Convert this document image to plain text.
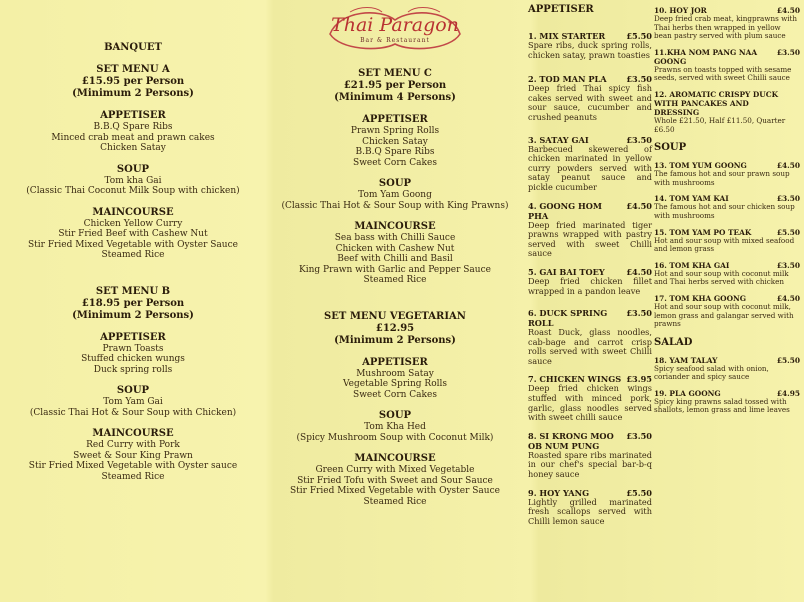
BANQUET
SET MENU A
£15.95 per Person
(Minimum 2 Persons)
APPETISER
B.B.Q Spare Ribs
Minced crab meat and prawn cakes
Chicken Satay
SOUP
Tom kha Gai
(Classic Thai Coconut Milk Soup with chicken)
MAINCOURSE
Chicken Yellow Curry
Stir Fried Beef with Cashew Nut
Stir Fried Mixed Vegetable with Oyster Sauce
Steamed Rice
SET MENU B
£18.95 per Person
(Minimum 2 Persons)
APPETISER
Prawn Toasts
Stuffed chicken wungs
Duck spring rolls
SOUP
Tom Yam Gai
(Classic Thai Hot & Sour Soup with Chicken)
MAINCOURSE
Red Curry with Pork
Sweet & Sour King Prawn
Stir Fried Mixed Vegetable with Oyster sauce
Steamed Rice
Thai Paragon
Bar & Restaurant
SET MENU C
£21.95 per Person
(Minimum 4 Persons)
APPETISER
Prawn Spring Rolls
Chicken Satay
B.B.Q Spare Ribs
Sweet Corn Cakes
SOUP
Tom Yam Goong
(Classic Thai Hot & Sour Soup with King Prawns)
MAINCOURSE
Sea bass with Chilli Sauce
Chicken with Cashew Nut
Beef with Chilli and Basil
King Prawn with Garlic and Pepper Sauce
Steamed Rice
SET MENU VEGETARIAN
£12.95
(Minimum 2 Persons)
APPETISER
Mushroom Satay
Vegetable Spring Rolls
Sweet Corn Cakes
SOUP
Tom Kha Hed
(Spicy Mushroom Soup with Coconut Milk)
MAINCOURSE
Green Curry with Mixed Vegetable
Stir Fried Tofu with Sweet and Sour Sauce
Stir Fried Mixed Vegetable with Oyster Sauce
Steamed Rice
APPETISER
1. MIX STARTER	£5.50
Spare ribs, duck spring rolls, chicken satay, prawn toasties
2. TOD MAN PLA	£3.50
Deep fried Thai spicy fish cakes served with sweet and sour sauce, cucumber and crushed peanuts
3. SATAY GAI	£3.50
Barbecued skewered of chicken marinated in yellow curry powders served with satay peanut sauce and pickle cucumber
4. GOONG HOM PHA
£4.50
Deep fried marinated tiger prawns wrapped with pastry served with sweet Chilli sauce
5. GAI BAI TOEY	£4.50
Deep fried chicken fillet wrapped in a pandon leave
6. DUCK SPRING ROLL
£3.50
Roast Duck, glass noodles, cab-bage and carrot crisp rolls served with sweet Chilli sauce
7. CHICKEN WINGS £3.95
Deep fried chicken wings stuffed with minced pork, garlic, glass noodles served with sweet chilli sauce
8. SI KRONG MOO OB NUM PUNG
£3.50
Roasted spare ribs marinated in our chef's special bar-b-q honey sauce
9. HOY YANG	£5.50
Lightly grilled marinated fresh scallops served with Chilli lemon sauce
10. HOY JOR	£4.50
Deep fried crab meat, kingprawns with Thai herbs then wrapped in yellow bean pastry served with plum sauce
11.KHA NOM PANG NAA GOONG
£3.50
Prawns on toasts topped with sesame seeds, served with sweet Chilli sauce
12. AROMATIC CRISPY DUCK WITH PANCAKES AND DRESSING
Whole £21.50, Half £11.50, Quarter £6.50
SOUP
13. TOM YUM GOONG	£4.50
The famous hot and sour prawn soup with mushrooms
14. TOM YAM KAI	£3.50
The famous hot and sour chicken soup with mushrooms
15. TOM YAM PO TEAK	£5.50
Hot and sour soup with mixed seafood and lemon grass
16. TOM KHA GAI	£3.50
Hot and sour soup with coconut milk and Thai herbs served with chicken
17. TOM KHA GOONG	£4.50
Hot and sour soup with coconut milk, lemon grass and galangar served with prawns
SALAD
18. YAM TALAY	£5.50
Spicy seafood salad with onion, coriander and spicy sauce
19. PLA GOONG	£4.95
Spicy king prawns salad tossed with shallots, lemon grass and lime leaves
